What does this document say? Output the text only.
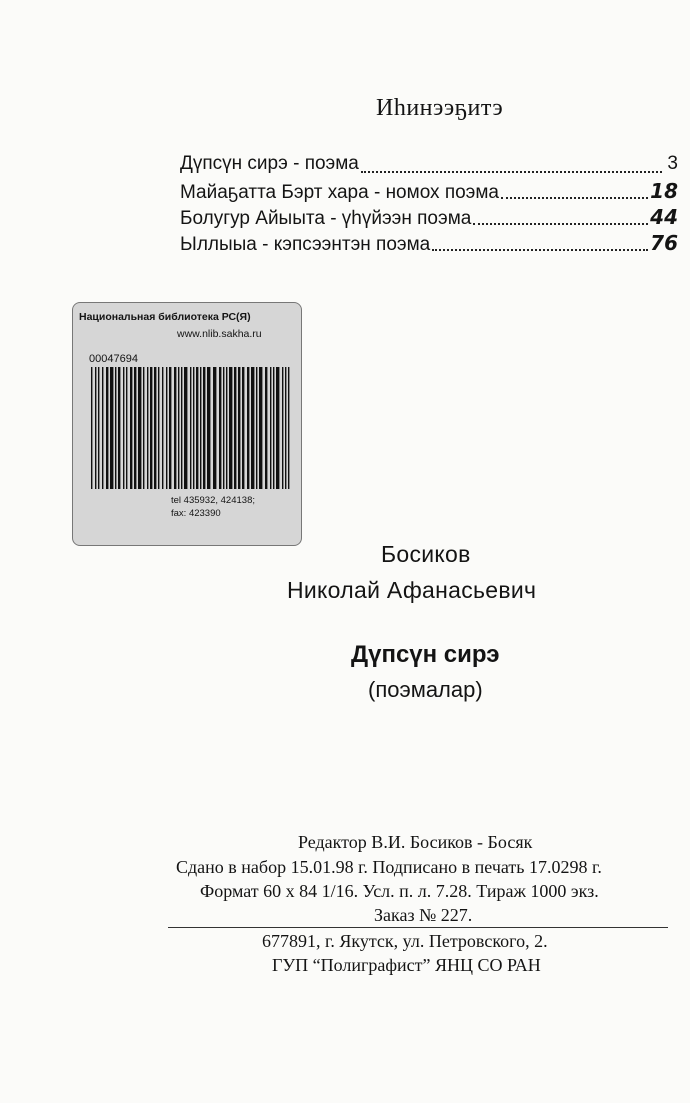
Иһинээҕитэ
Дүпсүн сирэ - поэма	3
Майаҕатта Бэрт хара - номох поэма	18
Болугур Айыыта - үһүйээн поэма	44
Ыллыыа - кэпсээнтэн поэма	76
Национальная библиотека РС(Я)
www.nlib.sakha.ru
00047694
tel 435932, 424138;
fax: 423390
Босиков
Николай Афанасьевич
Дүпсүн сирэ
(поэмалар)
Редактор В.И. Босиков - Босяк
Сдано в набор 15.01.98 г. Подписано в печать 17.0298 г.
Формат 60 х 84 1/16. Усл. п. л. 7.28. Тираж 1000 экз.
Заказ № 227.
677891, г. Якутск, ул. Петровского, 2.
ГУП “Полиграфист” ЯНЦ СО РАН
